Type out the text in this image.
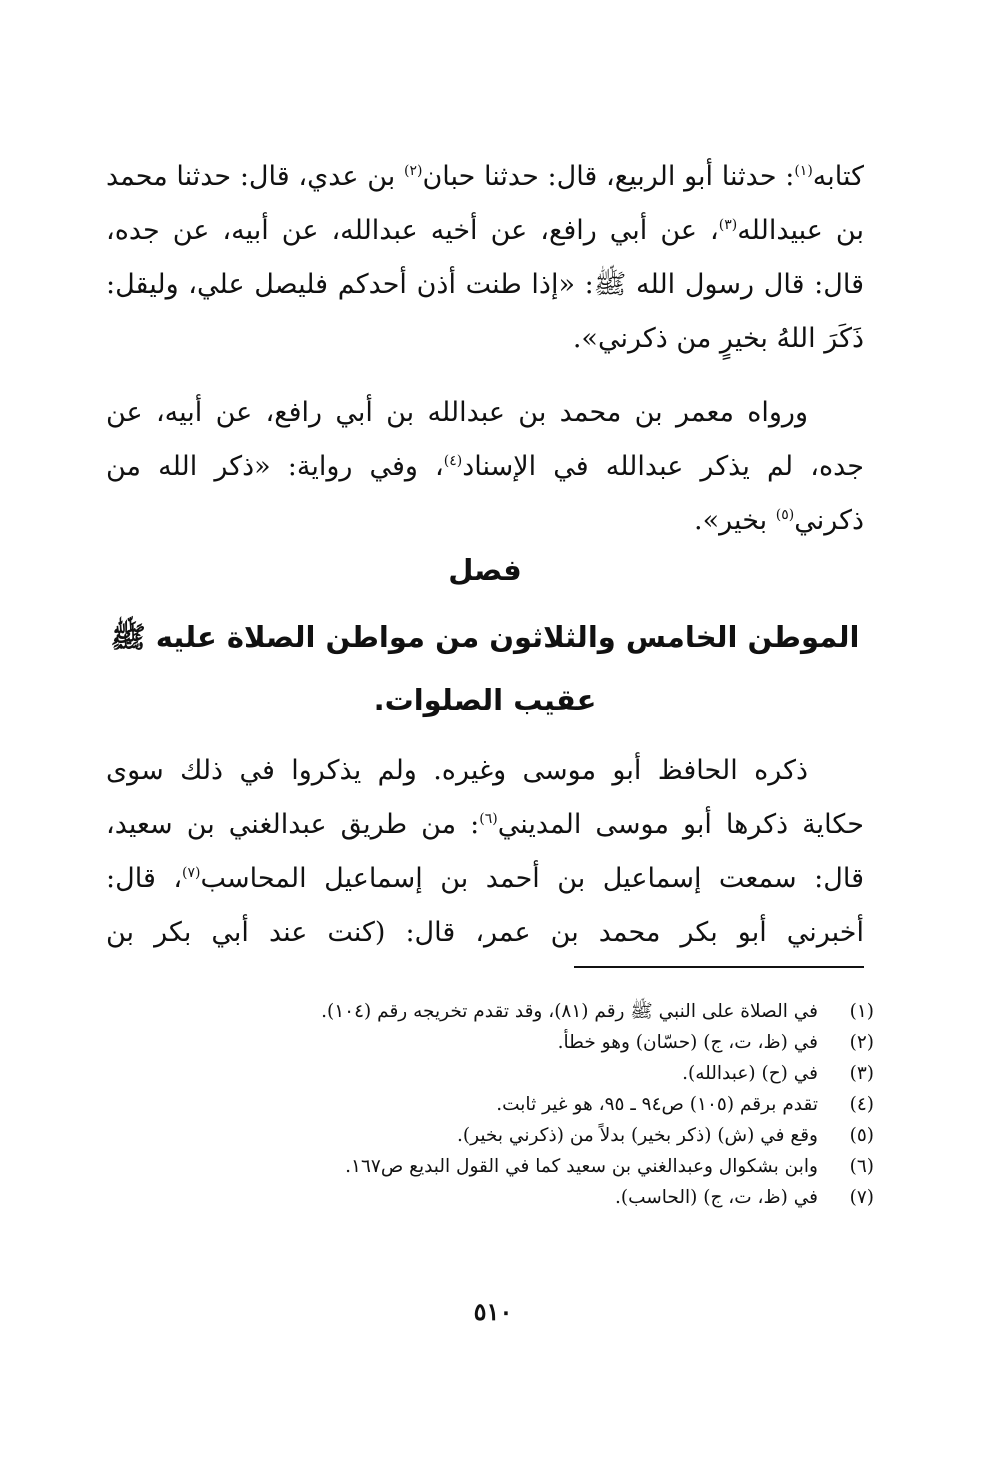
كتابه$^{(١)}$: حدثنا أبو الربيع، قال: حدثنا حبان$^{(٢)}$ بن عدي، قال: حدثنا محمد بن عبيدالله$^{(٣)}$، عن أبي رافع، عن أخيه عبدالله، عن أبيه، عن جده، قال: قال رسول الله ﷺ: «إذا طنت أذن أحدكم فليصل علي، وليقل: ذَكَرَ اللهُ بخيرٍ من ذكرني».

ورواه معمر بن محمد بن عبدالله بن أبي رافع، عن أبيه، عن جده، لم يذكر عبدالله في الإسناد$^{(٤)}$، وفي رواية: «ذكر الله من ذكرني$^{(٥)}$ بخير».

فصل

الموطن الخامس والثلاثون من مواطن الصلاة عليه ﷺ

عقيب الصلوات.

ذكره الحافظ أبو موسى وغيره. ولم يذكروا في ذلك سوى حكاية ذكرها أبو موسى المديني$^{(٦)}$: من طريق عبدالغني بن سعيد، قال: سمعت إسماعيل بن أحمد بن إسماعيل المحاسب$^{(٧)}$، قال: أخبرني أبو بكر محمد بن عمر، قال: (كنت عند أبي بكر بن

(١)
في الصلاة على النبي ﷺ رقم (٨١)، وقد تقدم تخريجه رقم (١٠٤).
(٢)
في (ظ، ت، ج) (حسّان) وهو خطأ.
(٣)
في (ح) (عبدالله).
(٤)
تقدم برقم (١٠٥) ص٩٤ ـ ٩٥، هو غير ثابت.
(٥)
وقع في (ش) (ذكر بخير) بدلاً من (ذكرني بخير).
(٦)
وابن بشكوال وعبدالغني بن سعيد كما في القول البديع ص١٦٧.
(٧)
في (ظ، ت، ج) (الحاسب).
٥١٠
